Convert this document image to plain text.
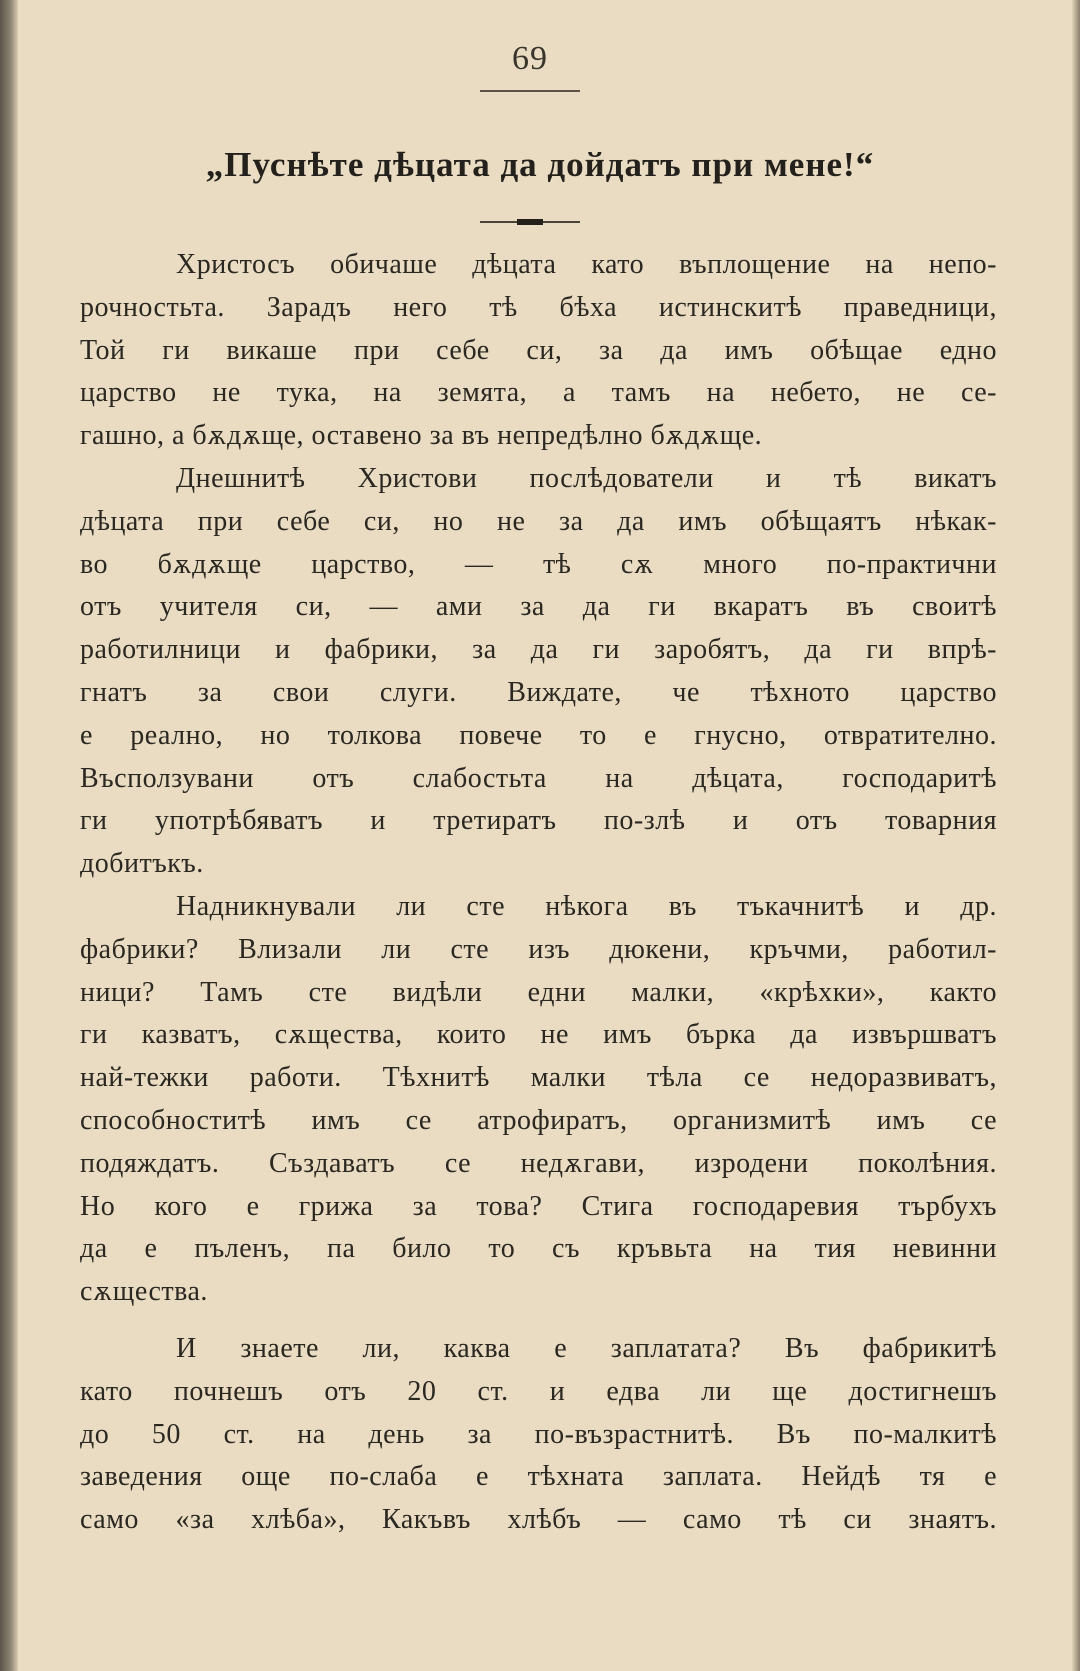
69
„Пуснѣте дѣцата да дойдатъ при мене!“
Христосъ обичаше дѣцата като въплощение на непо-
рочностьта. Зарадъ него тѣ бѣха истинскитѣ праведници,
Той ги викаше при себе си, за да имъ обѣщае едно
царство не тука, на земята, а тамъ на небето, не се-
гашно, а бѫдѫще, оставено за въ непредѣлно бѫдѫще.
Днешнитѣ Христови послѣдователи и тѣ викатъ
дѣцата при себе си, но не за да имъ обѣщаятъ нѣкак-
во бѫдѫще царство, — тѣ сѫ много по-практични
отъ учителя си, — ами за да ги вкаратъ въ своитѣ
работилници и фабрики, за да ги заробятъ, да ги впрѣ-
гнатъ за свои слуги. Виждате, че тѣхното царство
е реално, но толкова повече то е гнусно, отвратително.
Въсползувани отъ слабостьта на дѣцата, господаритѣ
ги употрѣбяватъ и третиратъ по-злѣ и отъ товарния
добитъкъ.
Надникнували ли сте нѣкога въ тъкачнитѣ и др.
фабрики? Влизали ли сте изъ дюкени, кръчми, работил-
ници? Тамъ сте видѣли едни малки, «крѣхки», както
ги казватъ, сѫщества, които не имъ бърка да извършватъ
най-тежки работи. Тѣхнитѣ малки тѣла се недоразвиватъ,
способноститѣ имъ се атрофиратъ, организмитѣ имъ се
подяждатъ. Създаватъ се недѫгави, изродени поколѣния.
Но кого е грижа за това? Стига господаревия търбухъ
да е пъленъ, па било то съ кръвьта на тия невинни
сѫщества.
И знаете ли, каква е заплатата? Въ фабрикитѣ
като почнешъ отъ 20 ст. и едва ли ще достигнешъ
до 50 ст. на день за по-възрастнитѣ. Въ по-малкитѣ
заведения още по-слаба е тѣхната заплата. Нейдѣ тя е
само «за хлѣба», Какъвъ хлѣбъ — само тѣ си знаятъ.
